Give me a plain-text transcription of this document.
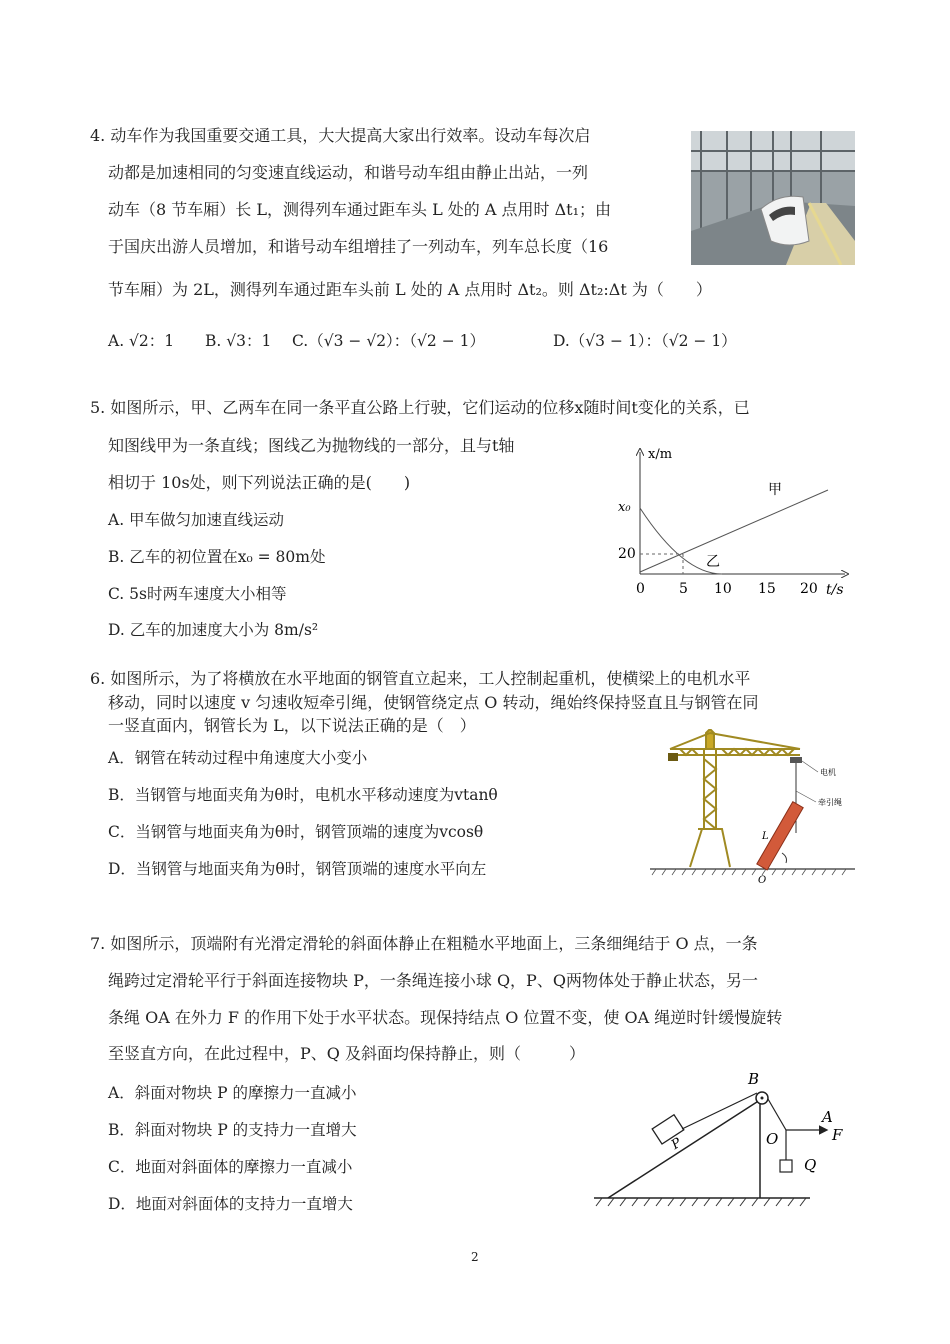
4. 动车作为我国重要交通工具，大大提高大家出行效率。设动车每次启
动都是加速相同的匀变速直线运动，和谐号动车组由静止出站，一列
动车（8 节车厢）长 L，测得列车通过距车头 L 处的 A 点用时 Δt₁；由
于国庆出游人员增加，和谐号动车组增挂了一列动车，列车总长度（16
节车厢）为 2L，测得列车通过距车头前 L 处的 A 点用时 Δt₂。则 Δt₂:Δt 为（　　）
A. √2：1 B. √3：1 C.（√3 − √2）：（√2 − 1）	D.（√3 − 1）：（√2 − 1）
5. 如图所示，甲、乙两车在同一条平直公路上行驶，它们运动的位移x随时间t变化的关系，已
知图线甲为一条直线；图线乙为抛物线的一部分，且与t轴
相切于 10s处，则下列说法正确的是(　　)
A. 甲车做匀加速直线运动
B. 乙车的初位置在x₀ = 80m处
C. 5s时两车速度大小相等
D. 乙车的加速度大小为 8m/s²
x/m
t/s
x₀
20
0 5 10 15 20
甲
乙
6. 如图所示，为了将横放在水平地面的钢管直立起来，工人控制起重机，使横梁上的电机水平
移动，同时以速度 v 匀速收短牵引绳，使钢管绕定点 O 转动，绳始终保持竖直且与钢管在同
一竖直面内，钢管长为 L，以下说法正确的是（　）
A．钢管在转动过程中角速度大小变小
B．当钢管与地面夹角为θ时，电机水平移动速度为vtanθ
C．当钢管与地面夹角为θ时，钢管顶端的速度为vcosθ
D．当钢管与地面夹角为θ时，钢管顶端的速度水平向左
电机
牵引绳
O
L
7. 如图所示，顶端附有光滑定滑轮的斜面体静止在粗糙水平地面上，三条细绳结于 O 点，一条
绳跨过定滑轮平行于斜面连接物块 P，一条绳连接小球 Q，P、Q两物体处于静止状态，另一
条绳 OA 在外力 F 的作用下处于水平状态。现保持结点 O 位置不变，使 OA 绳逆时针缓慢旋转
至竖直方向，在此过程中，P、Q 及斜面均保持静止，则（　　　）
A．斜面对物块 P 的摩擦力一直减小
B．斜面对物块 P 的支持力一直增大
C．地面对斜面体的摩擦力一直减小
D．地面对斜面体的支持力一直增大
B
O
A
F
Q
P
2
